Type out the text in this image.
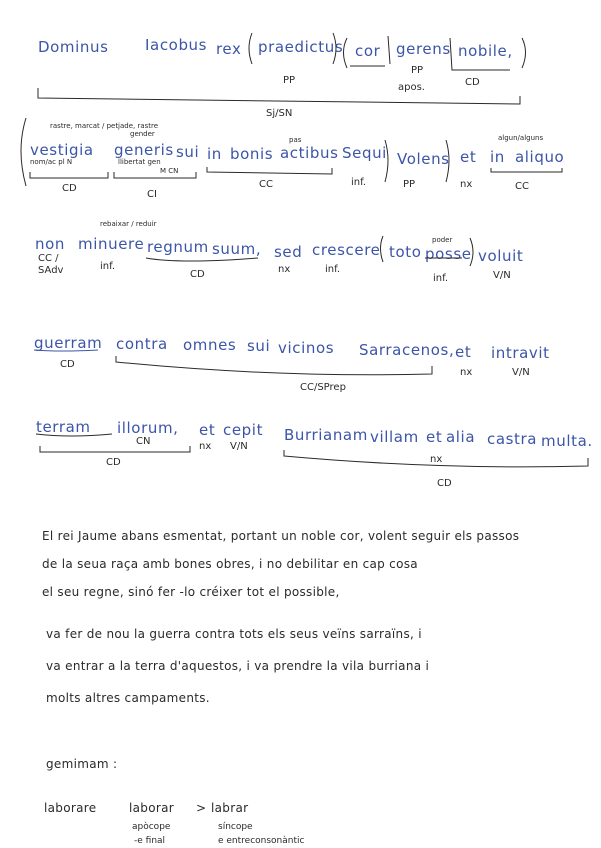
Dominus Iacobus rex praedictus cor gerens nobile,
PP
PP
apos.	CD
Sj/SN
rastre, marcat / petjade, rastre
vestigia
nom/ac pl N
gender
generis
llibertat gen
sui in bonis
pas
actibus Sequi Volens et in
algun/alguns
aliquo
CD
CI
M CN
CC	inf.	PP	nx	CC
non
rebaixar / reduir
minuere regnum suum, sed crescere toto
poder
posse voluit
CC /
SAdv	inf.
CD	nx	inf.
inf.	V/N
guerram contra omnes sui vicinos Sarracenos, et intravit
CD
CC/SPrep
nx	V/N
terram illorum, et cepit Burrianam villam et alia castra multa.
CN
CD
nx V/N
nx
CD
El rei Jaume abans esmentat, portant un noble cor, volent seguir els passos
de la seua raça amb bones obres, i no debilitar en cap cosa
el seu regne, sinó fer -lo créixer tot el possible,
va fer de nou la guerra contra tots els seus veïns sarraïns, i
va entrar a la terra d'aquestos, i va prendre la vila burriana i
molts altres campaments.
gemimam :
laborare	laborar > labrar
apòcope
-e final
síncope
e entreconsonàntic
